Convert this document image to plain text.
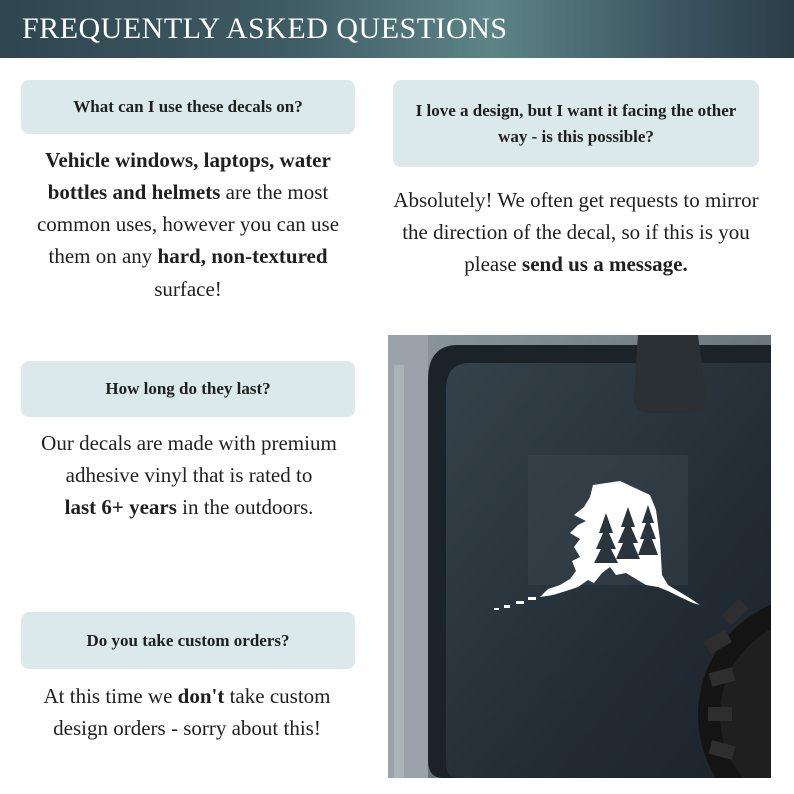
FREQUENTLY ASKED QUESTIONS
What can I use these decals on?
Vehicle windows, laptops, water bottles and helmets are the most common uses, however you can use them on any hard, non-textured surface!
I love a design, but I want it facing the other way - is this possible?
Absolutely! We often get requests to mirror the direction of the decal, so if this is you please send us a message.
How long do they last?
Our decals are made with premium adhesive vinyl that is rated to
last 6+ years in the outdoors.
Do you take custom orders?
At this time we don't take custom design orders - sorry about this!
